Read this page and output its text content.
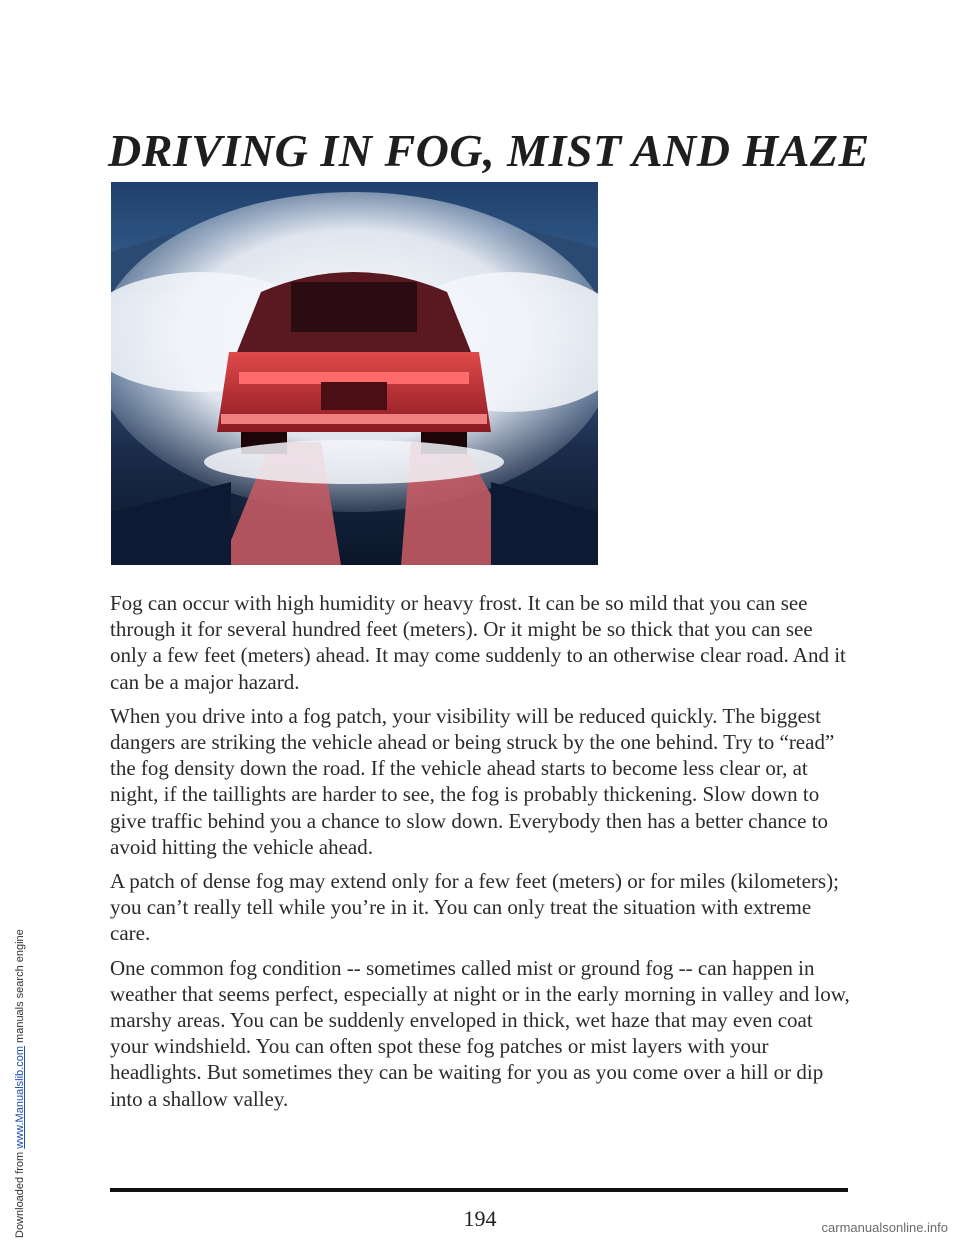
Downloaded from www.Manualslib.com manuals search engine
DRIVING IN FOG, MIST AND HAZE

Fog can occur with high humidity or heavy frost. It can be so mild that you can see through it for several hundred feet (meters). Or it might be so thick that you can see only a few feet (meters) ahead. It may come suddenly to an otherwise clear road. And it can be a major hazard.

When you drive into a fog patch, your visibility will be reduced quickly. The biggest dangers are striking the vehicle ahead or being struck by the one behind. Try to “read” the fog density down the road. If the vehicle ahead starts to become less clear or, at night, if the taillights are harder to see, the fog is probably thickening. Slow down to give traffic behind you a chance to slow down. Everybody then has a better chance to avoid hitting the vehicle ahead.

A patch of dense fog may extend only for a few feet (meters) or for miles (kilometers); you can’t really tell while you’re in it. You can only treat the situation with extreme care.

One common fog condition -- sometimes called mist or ground fog -- can happen in weather that seems perfect, especially at night or in the early morning in valley and low, marshy areas. You can be suddenly enveloped in thick, wet haze that may even coat your windshield. You can often spot these fog patches or mist layers with your headlights. But sometimes they can be waiting for you as you come over a hill or dip into a shallow valley.

194	carmanualsonline.info
